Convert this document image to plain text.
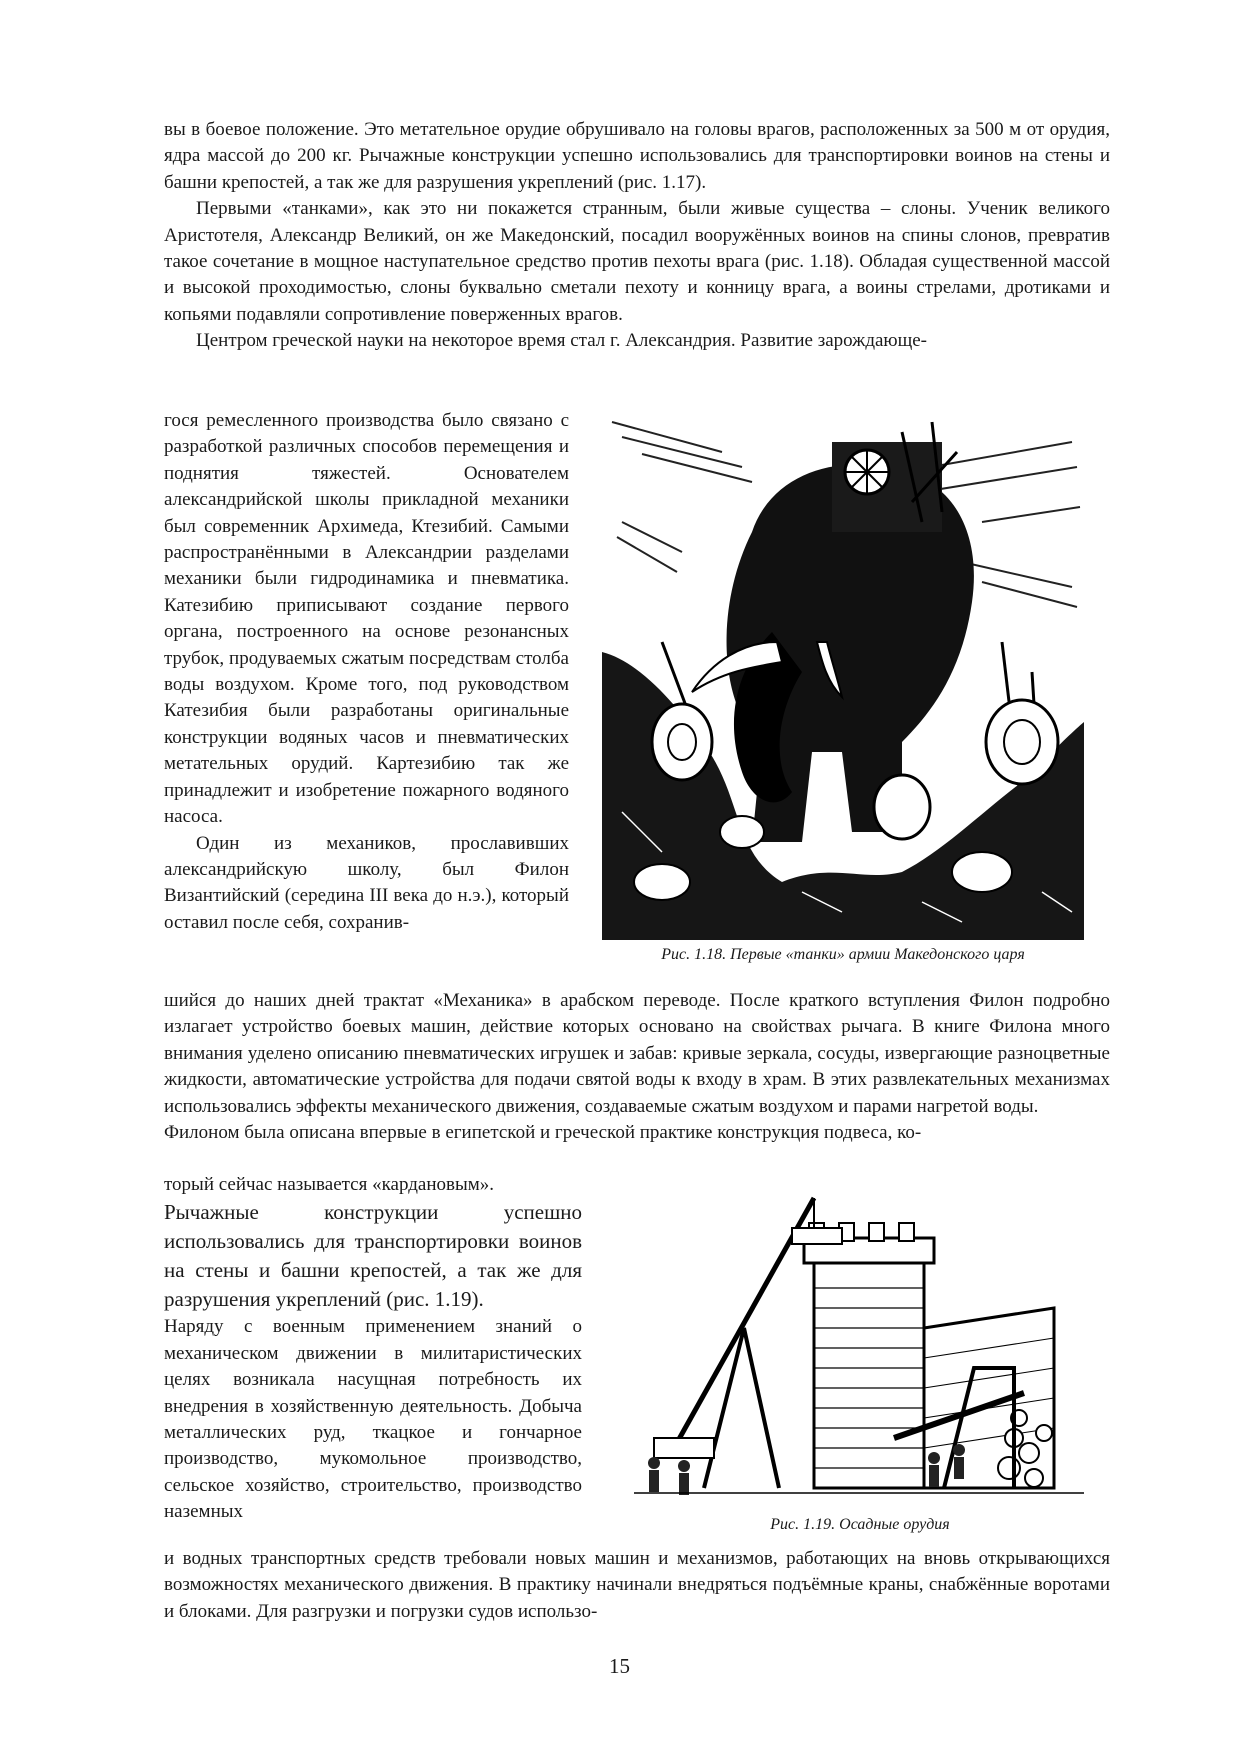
вы в боевое положение. Это метательное орудие обрушивало на головы врагов, расположенных за 500 м от орудия, ядра массой до 200 кг. Рычажные конструкции успешно использовались для транспортировки воинов на стены и башни крепостей, а так же для разрушения укреплений (рис. 1.17).

Первыми «танками», как это ни покажется странным, были живые существа – слоны. Ученик великого Аристотеля, Александр Великий, он же Македонский, посадил вооружённых воинов на спины слонов, превратив такое сочетание в мощное наступательное средство против пехоты врага (рис. 1.18). Обладая существенной массой и высокой проходимостью, слоны буквально сметали пехоту и конницу врага, а воины стрелами, дротиками и копьями подавляли сопротивление поверженных врагов.

Центром греческой науки на некоторое время стал г. Александрия. Развитие зарождающе-

гося ремесленного производства было связано с разработкой различных способов перемещения и поднятия тяжестей. Основателем александрийской школы прикладной механики был современник Архимеда, Ктезибий. Самыми распространёнными в Александрии разделами механики были гидродинамика и пневматика. Катезибию приписывают создание первого органа, построенного на основе резонансных трубок, продуваемых сжатым посредствам столба воды воздухом. Кроме того, под руководством Катезибия были разработаны оригинальные конструкции водяных часов и пневматических метательных орудий. Картезибию так же принадлежит и изобретение пожарного водяного насоса.

Один из механиков, прославивших александрийскую школу, был Филон Византийский (середина III века до н.э.), который оставил после себя, сохранив-

Рис. 1.18. Первые «танки» армии Македонского царя

шийся до наших дней трактат «Механика» в арабском переводе. После краткого вступления Филон подробно излагает устройство боевых машин, действие которых основано на свойствах рычага. В книге Филона много внимания уделено описанию пневматических игрушек и забав: кривые зеркала, сосуды, извергающие разноцветные жидкости, автоматические устройства для подачи святой воды к входу в храм. В этих развлекательных механизмах использовались эффекты механического движения, создаваемые сжатым воздухом и парами нагретой воды.

Филоном была описана впервые в египетской и греческой практике конструкция подвеса, ко-

торый сейчас называется «кардановым».

Рычажные конструкции успешно использовались для транспортировки воинов на стены и башни крепостей, а так же для разрушения укреплений (рис. 1.19).

Наряду с военным применением знаний о механическом движении в милитаристических целях возникала насущная потребность их внедрения в хозяйственную деятельность. Добыча металлических руд, ткацкое и гончарное производство, мукомольное производство, сельское хозяйство, строительство, производство наземных

Рис. 1.19. Осадные орудия

и водных транспортных средств требовали новых машин и механизмов, работающих на вновь открывающихся возможностях механического движения. В практику начинали внедряться подъёмные краны, снабжённые воротами и блоками. Для разгрузки и погрузки судов использо-

15
